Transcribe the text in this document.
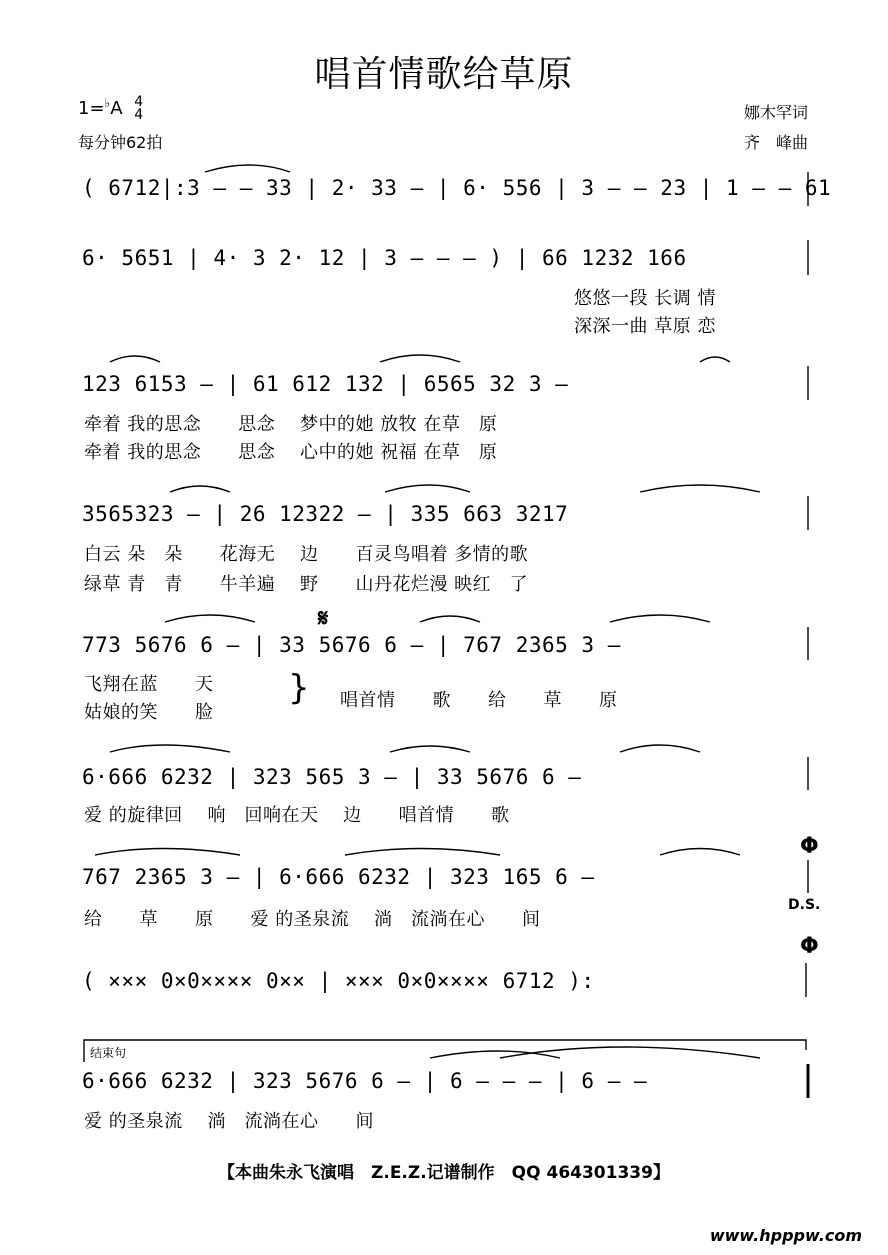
唱首情歌给草原
1=♭A 4
4
每分钟62拍
娜木罕词
齐　峰曲
( 6712|:3 — — 33 | 2· 33 — | 6· 556 | 3 — — 23 | 1 — — 61
6· 5651 | 4· 3 2· 12 | 3 — — — ) | 66 1232 166
123 6153 — | 61 612 132 | 6565 32 3 —
3565323 — | 26 12322 — | 335 663 3217
773 5676 6 — | 33 5676 6 — | 767 2365 3 —
6·666 6232 | 323 565 3 — | 33 5676 6 —
767 2365 3 — | 6·666 6232 | 323 165 6 —
( ××× 0×0×××× 0×× | ××× 0×0×××× 6712 ):
6·666 6232 | 323 5676 6 — | 6 — — — | 6 — —
悠悠一段 长调 情
深深一曲 草原 恋
牵着 我的思念　　思念　 梦中的她 放牧 在草　原
牵着 我的思念　　思念　 心中的她 祝福 在草　原
白云 朵　朵　　花海无　 边　　百灵鸟唱着 多情的歌
绿草 青　青　　牛羊遍　 野　　山丹花烂漫 映红　了
飞翔在蓝　　天
姑娘的笑　　脸
} 唱首情　　歌　　给　　草　　原
爱 的旋律回　 响　回响在天　 边　　唱首情　　歌
给　　草　　原　　爱 的圣泉流　 淌　流淌在心　　间
爱 的圣泉流　 淌　流淌在心　　间
𝄋
Φ
Φ
D.S.
结束句
【本曲朱永飞演唱　Z.E.Z.记谱制作　QQ 464301339】
www.hpppw.com
